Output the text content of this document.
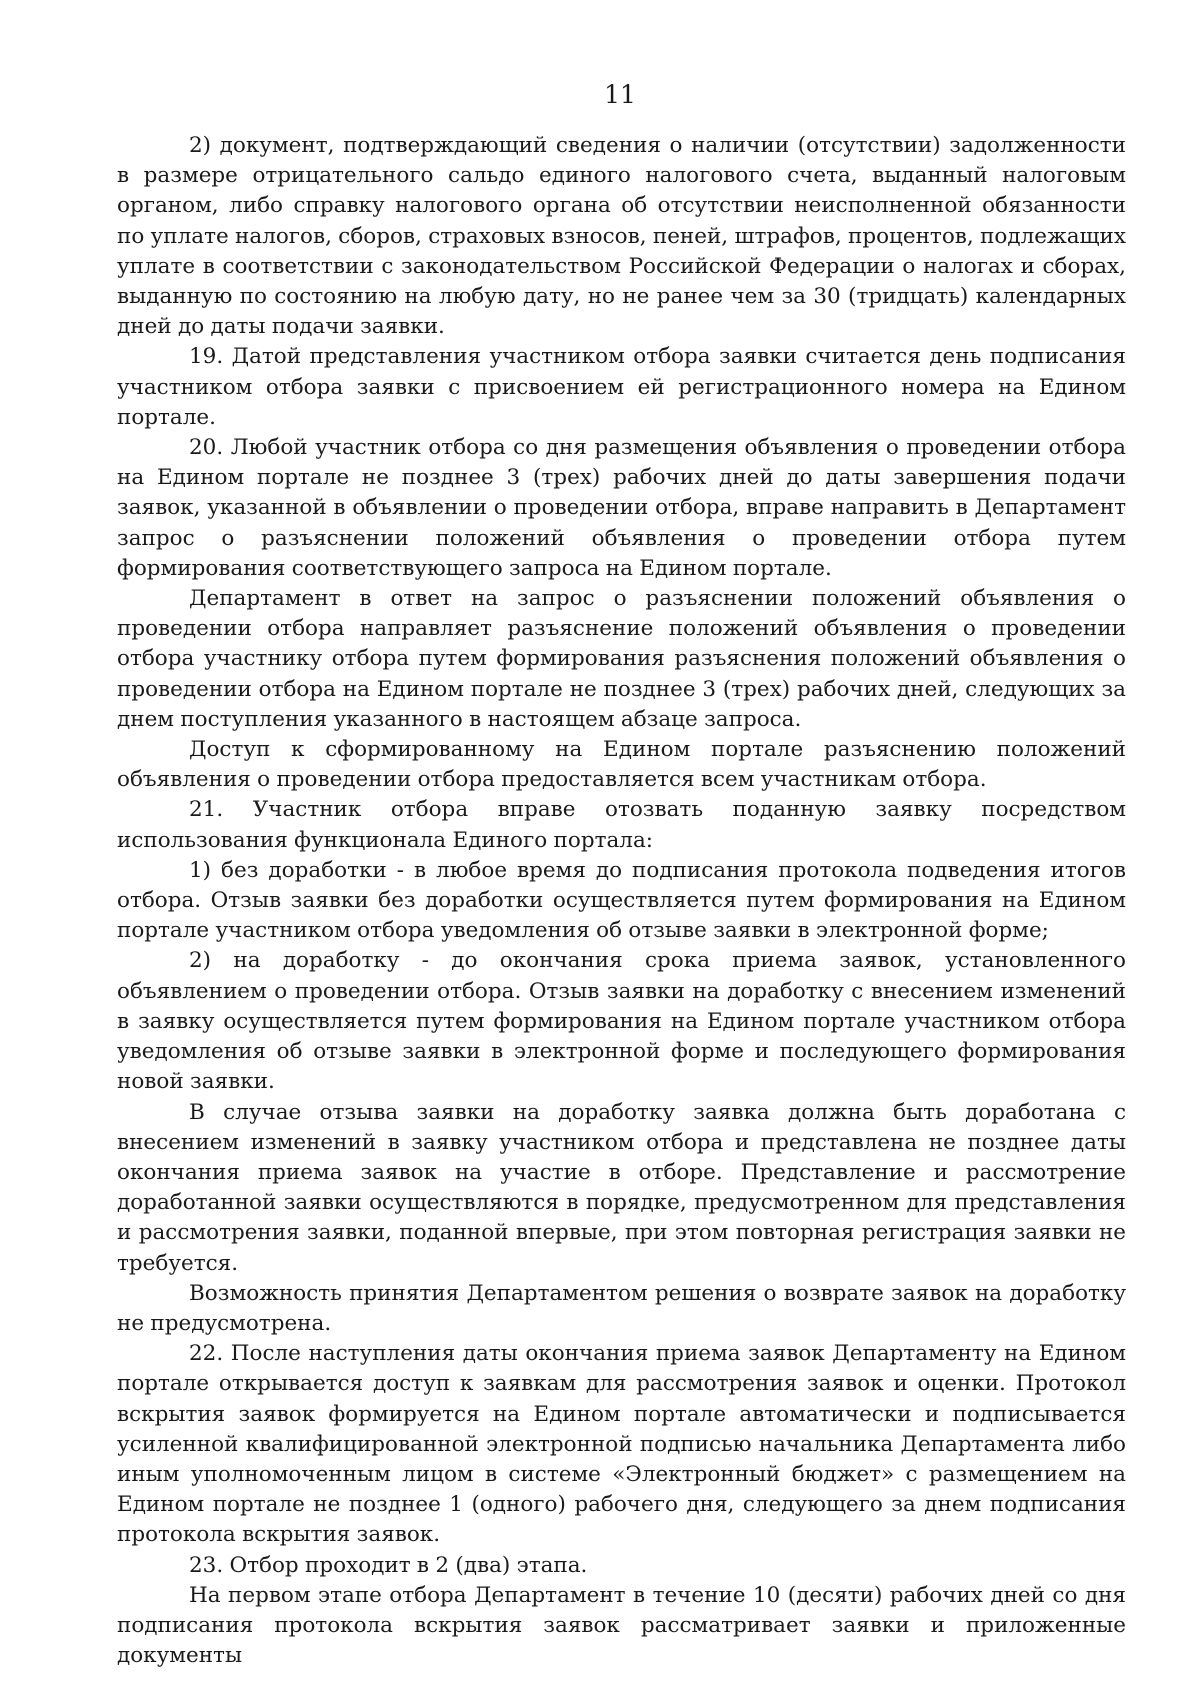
11

2) документ, подтверждающий сведения о наличии (отсутствии) задолженности в размере отрицательного сальдо единого налогового счета, выданный налоговым органом, либо справку налогового органа об отсутствии неисполненной обязанности по уплате налогов, сборов, страховых взносов, пеней, штрафов, процентов, подлежащих уплате в соответствии с законодательством Российской Федерации о налогах и сборах, выданную по состоянию на любую дату, но не ранее чем за 30 (тридцать) календарных дней до даты подачи заявки.

19. Датой представления участником отбора заявки считается день подписания участником отбора заявки с присвоением ей регистрационного номера на Едином портале.

20. Любой участник отбора со дня размещения объявления о проведении отбора на Едином портале не позднее 3 (трех) рабочих дней до даты завершения подачи заявок, указанной в объявлении о проведении отбора, вправе направить в Департамент запрос о разъяснении положений объявления о проведении отбора путем формирования соответствующего запроса на Едином портале.

Департамент в ответ на запрос о разъяснении положений объявления о проведении отбора направляет разъяснение положений объявления о проведении отбора участнику отбора путем формирования разъяснения положений объявления о проведении отбора на Едином портале не позднее 3 (трех) рабочих дней, следующих за днем поступления указанного в настоящем абзаце запроса.

Доступ к сформированному на Едином портале разъяснению положений объявления о проведении отбора предоставляется всем участникам отбора.

21. Участник отбора вправе отозвать поданную заявку посредством использования функционала Единого портала:

1) без доработки - в любое время до подписания протокола подведения итогов отбора. Отзыв заявки без доработки осуществляется путем формирования на Едином портале участником отбора уведомления об отзыве заявки в электронной форме;

2) на доработку - до окончания срока приема заявок, установленного объявлением о проведении отбора. Отзыв заявки на доработку с внесением изменений в заявку осуществляется путем формирования на Едином портале участником отбора уведомления об отзыве заявки в электронной форме и последующего формирования новой заявки.

В случае отзыва заявки на доработку заявка должна быть доработана с внесением изменений в заявку участником отбора и представлена не позднее даты окончания приема заявок на участие в отборе. Представление и рассмотрение доработанной заявки осуществляются в порядке, предусмотренном для представления и рассмотрения заявки, поданной впервые, при этом повторная регистрация заявки не требуется.

Возможность принятия Департаментом решения о возврате заявок на доработку не предусмотрена.

22. После наступления даты окончания приема заявок Департаменту на Едином портале открывается доступ к заявкам для рассмотрения заявок и оценки. Протокол вскрытия заявок формируется на Едином портале автоматически и подписывается усиленной квалифицированной электронной подписью начальника Департамента либо иным уполномоченным лицом в системе «Электронный бюджет» с размещением на Едином портале не позднее 1 (одного) рабочего дня, следующего за днем подписания протокола вскрытия заявок.

23. Отбор проходит в 2 (два) этапа.

На первом этапе отбора Департамент в течение 10 (десяти) рабочих дней со дня подписания протокола вскрытия заявок рассматривает заявки и приложенные документы
